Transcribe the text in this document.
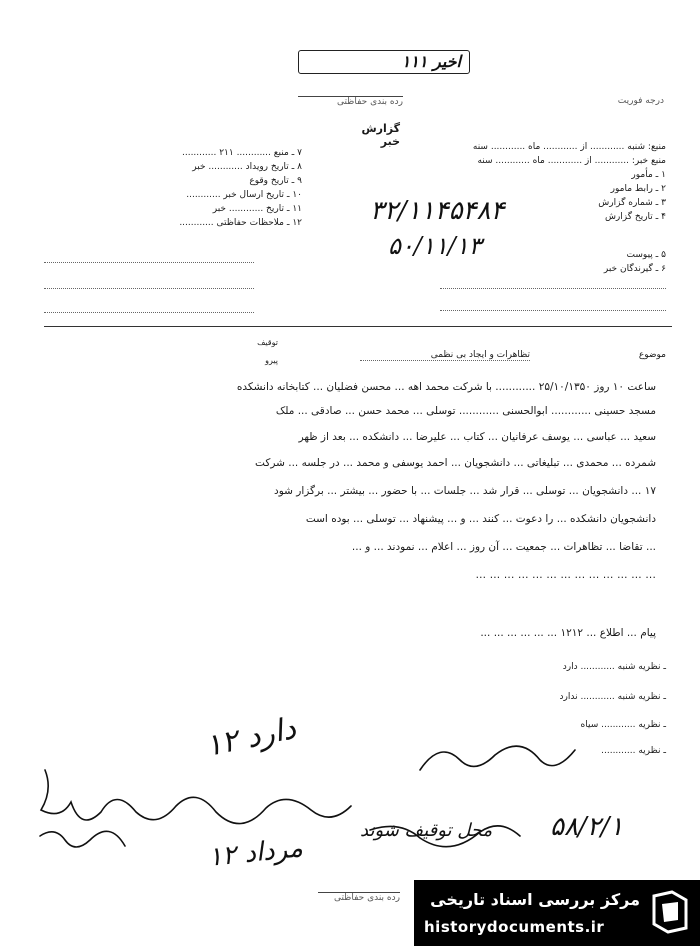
اخیر ۱۱۱
رده بندی حفاظتی	درجه فوریت
گزارش خبر	منبع: شنبه ............ از ............ ماه ............ سنه
منبع خبر: ............ از ............ ماه ............ سنه
۱ ـ مأمور
۲ ـ رابط مامور
۳ ـ شماره گزارش
۴ ـ تاریخ گزارش
۵ ـ پیوست
۶ ـ گیرندگان خبر
۷ ـ منبع ............ ۲۱۱ ............
۸ ـ تاریخ رویداد ............ خبر
۹ ـ تاریخ وقوع
۱۰ ـ تاریخ ارسال خبر ............
۱۱ ـ تاریخ ............ خبر
۱۲ ـ ملاحظات حفاظتی ............	۳۲/۱۱۴۵۴۸۴
۵۰/۱۱/۱۳
موضوع
تظاهرات و ایجاد بی نظمی
توقیف
پیرو
ساعت ۱۰ روز ۲۵/۱۰/۱۳۵۰ ............ با شرکت محمد اهه ... محسن فضلیان ... کتابخانه دانشکده
مسجد حسینی ............ ابوالحسنی ............ توسلی ... محمد حسن ... صادقی ... ملک
سعید ... عباسی ... یوسف عرفانیان ... کتاب ... علیرضا ... دانشکده ... بعد از ظهر
شمرده ... محمدی ... تبلیغاتی ... دانشجویان ... احمد یوسفی و محمد ... در جلسه ... شرکت
۱۷ ... دانشجویان ... توسلی ... قرار شد ... جلسات ... با حضور ... بیشتر ... برگزار شود
دانشجویان دانشکده ... را دعوت ... کنند ... و ... پیشنهاد ... توسلی ... بوده است
... تقاضا ... تظاهرات ... جمعیت ... آن روز ... اعلام ... نمودند ... و ...
... ... ... ... ... ... ... ... ... ... ... ... ...
پیام ... اطلاع ... ۱۲۱۲ ... ... ... ... ... ...
ـ نظریه شنبه ............ دارد
ـ نظریه شنبه ............ ندارد
ـ نظریه ............ سیاه
ـ نظریه ............
دارد ۱۲
مرداد ۱۲
۵۸/۲/۱
محل توقیف شوند
رده بندی حفاظتی	مرکز بررسی اسناد تاریخی
historydocuments.ir
